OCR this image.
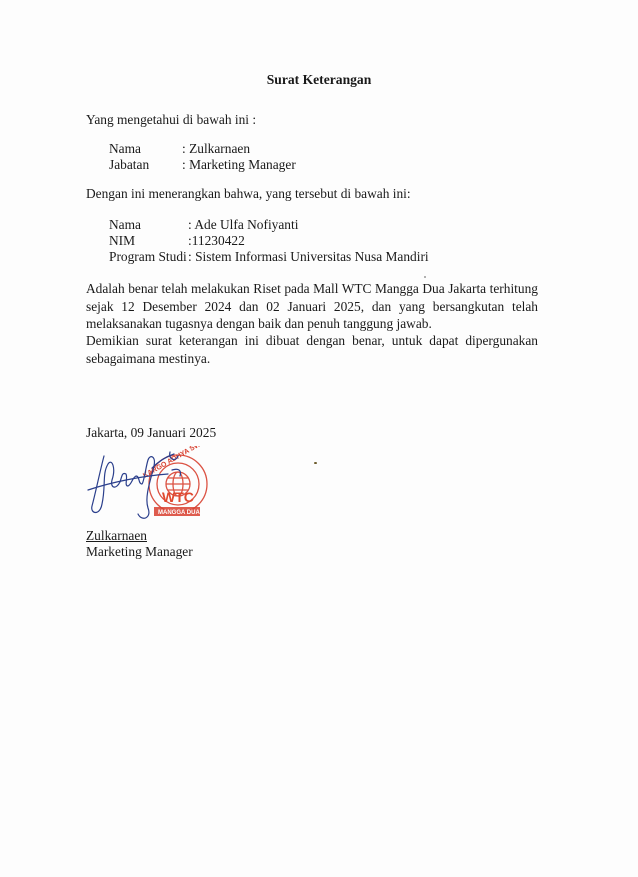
Surat Keterangan
Yang mengetahui di bawah ini :
Nama	: Zulkarnaen
Jabatan : Marketing Manager
Dengan ini menerangkan bahwa, yang tersebut di bawah ini:
Nama	: Ade Ulfa Nofiyanti
NIM	:11230422
Program Studi : Sistem Informasi Universitas Nusa Mandiri
Adalah benar telah melakukan Riset pada Mall WTC Mangga Dua Jakarta terhitung sejak 12 Desember 2024 dan 02 Januari 2025, dan yang bersangkutan telah melaksanakan tugasnya dengan baik dan penuh tanggung jawab.
Demikian surat keterangan ini dibuat dengan benar, untuk dapat dipergunakan sebagaimana mestinya.
Jakarta, 09 Januari 2025
KARGO ADHYA SWASTI
WTC
MANGGA DUA
Zulkarnaen
Marketing Manager
